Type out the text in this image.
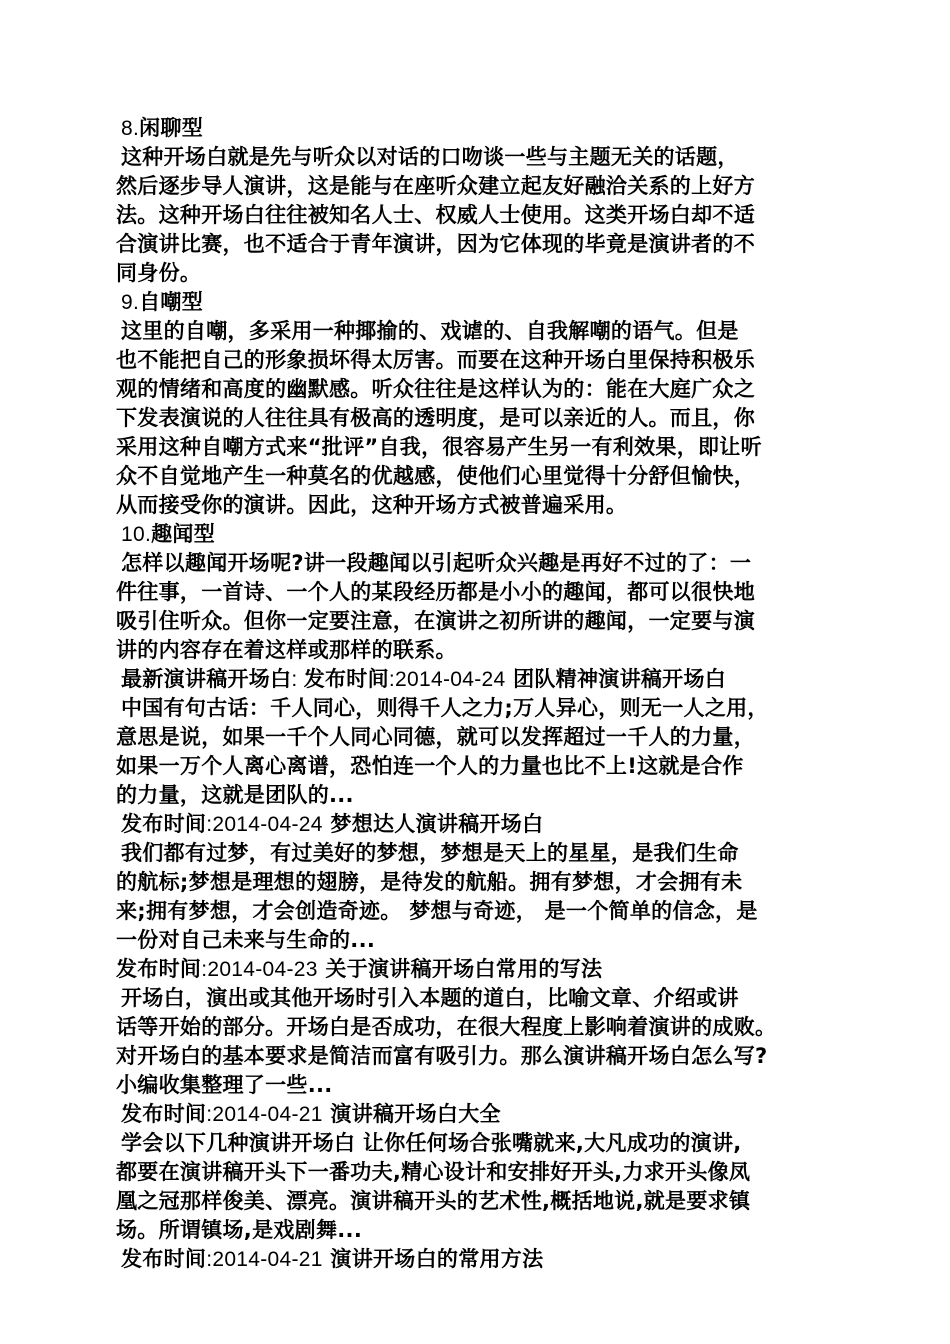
8.闲聊型
这种开场白就是先与听众以对话的口吻谈一些与主题无关的话题，
然后逐步导人演讲，这是能与在座听众建立起友好融洽关系的上好方
法。这种开场白往往被知名人士、权威人士使用。这类开场白却不适
合演讲比赛，也不适合于青年演讲，因为它体现的毕竟是演讲者的不
同身份。
9.自嘲型
这里的自嘲，多采用一种揶揄的、戏谑的、自我解嘲的语气。但是
也不能把自己的形象损坏得太厉害。而要在这种开场白里保持积极乐
观的情绪和高度的幽默感。听众往往是这样认为的：能在大庭广众之
下发表演说的人往往具有极高的透明度，是可以亲近的人。而且，你
采用这种自嘲方式来“批评”自我，很容易产生另一有利效果，即让听
众不自觉地产生一种莫名的优越感，使他们心里觉得十分舒但愉快，
从而接受你的演讲。因此，这种开场方式被普遍采用。
10.趣闻型
怎样以趣闻开场呢?讲一段趣闻以引起听众兴趣是再好不过的了：一
件往事，一首诗、一个人的某段经历都是小小的趣闻，都可以很快地
吸引住听众。但你一定要注意，在演讲之初所讲的趣闻，一定要与演
讲的内容存在着这样或那样的联系。
最新演讲稿开场白: 发布时间:2014-04-24 团队精神演讲稿开场白
中国有句古话：千人同心，则得千人之力;万人异心，则无一人之用，
意思是说，如果一千个人同心同德，就可以发挥超过一千人的力量，
如果一万个人离心离谱，恐怕连一个人的力量也比不上!这就是合作
的力量，这就是团队的...
发布时间:2014-04-24 梦想达人演讲稿开场白
我们都有过梦，有过美好的梦想，梦想是天上的星星，是我们生命
的航标;梦想是理想的翅膀，是待发的航船。拥有梦想，才会拥有未
来;拥有梦想，才会创造奇迹。 梦想与奇迹， 是一个简单的信念，是
一份对自己未来与生命的...
发布时间:2014-04-23 关于演讲稿开场白常用的写法
开场白，演出或其他开场时引入本题的道白，比喻文章、介绍或讲
话等开始的部分。开场白是否成功，在很大程度上影响着演讲的成败。
对开场白的基本要求是简洁而富有吸引力。那么演讲稿开场白怎么写?
小编收集整理了一些...
发布时间:2014-04-21 演讲稿开场白大全
学会以下几种演讲开场白 让你任何场合张嘴就来,大凡成功的演讲,
都要在演讲稿开头下一番功夫,精心设计和安排好开头,力求开头像凤
凰之冠那样俊美、漂亮。演讲稿开头的艺术性,概括地说,就是要求镇
场。所谓镇场,是戏剧舞...
发布时间:2014-04-21 演讲开场白的常用方法
